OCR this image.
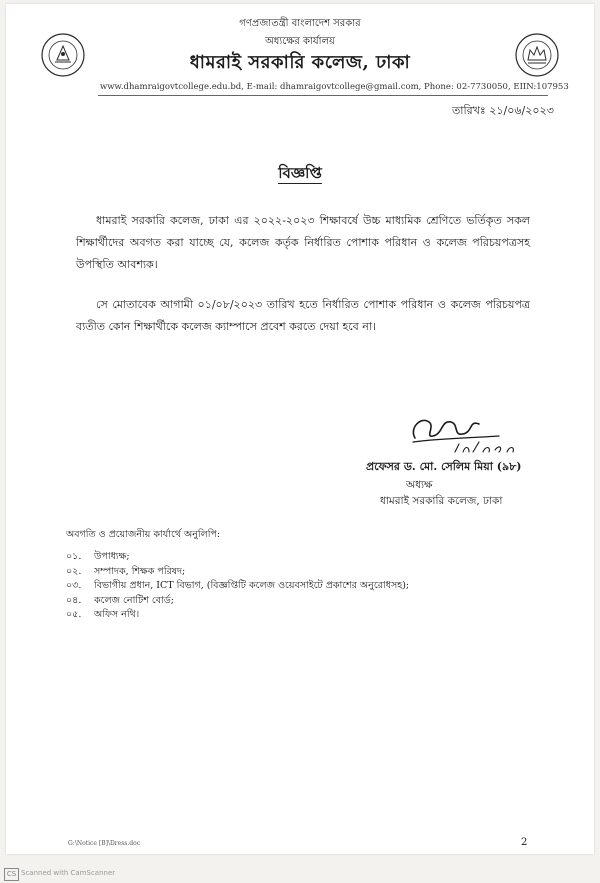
গণপ্রজাতন্ত্রী বাংলাদেশ সরকার
অধ্যক্ষের কার্যালয়
ধামরাই সরকারি কলেজ, ঢাকা
www.dhamraigovtcollege.edu.bd, E-mail: dhamraigovtcollege@gmail.com, Phone: 02-7730050, EIIN:107953
তারিখঃ ২১/০৬/২০২৩
বিজ্ঞপ্তি

ধামরাই সরকারি কলেজ, ঢাকা এর ২০২২-২০২৩ শিক্ষাবর্ষে উচ্চ মাধ্যমিক শ্রেণিতে ভর্তিকৃত সকল শিক্ষার্থীদের অবগত করা যাচ্ছে যে, কলেজ কর্তৃক নির্ধারিত পোশাক পরিধান ও কলেজ পরিচয়পত্রসহ উপস্থিতি আবশ্যক।

সে মোতাবেক আগামী ০১/০৮/২০২৩ তারিখ হতে নির্ধারিত পোশাক পরিধান ও কলেজ পরিচয়পত্র ব্যতীত কোন শিক্ষার্থীকে কলেজ ক্যাম্পাসে প্রবেশ করতে দেয়া হবে না।

প্রফেসর ড. মো. সেলিম মিয়া (৯৮)
অধ্যক্ষ
ধামরাই সরকারি কলেজ, ঢাকা
অবগতি ও প্রয়োজনীয় কার্যার্থে অনুলিপি:
০১. উপাধ্যক্ষ;
০২. সম্পাদক, শিক্ষক পরিষদ;
০৩. বিভাগীয় প্রধান, ICT বিভাগ, (বিজ্ঞপ্তিটি কলেজ ওয়েবসাইটে প্রকাশের অনুরোধসহ);
০৪. কলেজ নোটিশ বোর্ড;
০৫. অফিস নথি।
G:\Notice [B]\Dress.doc	2
CS Scanned with CamScanner
